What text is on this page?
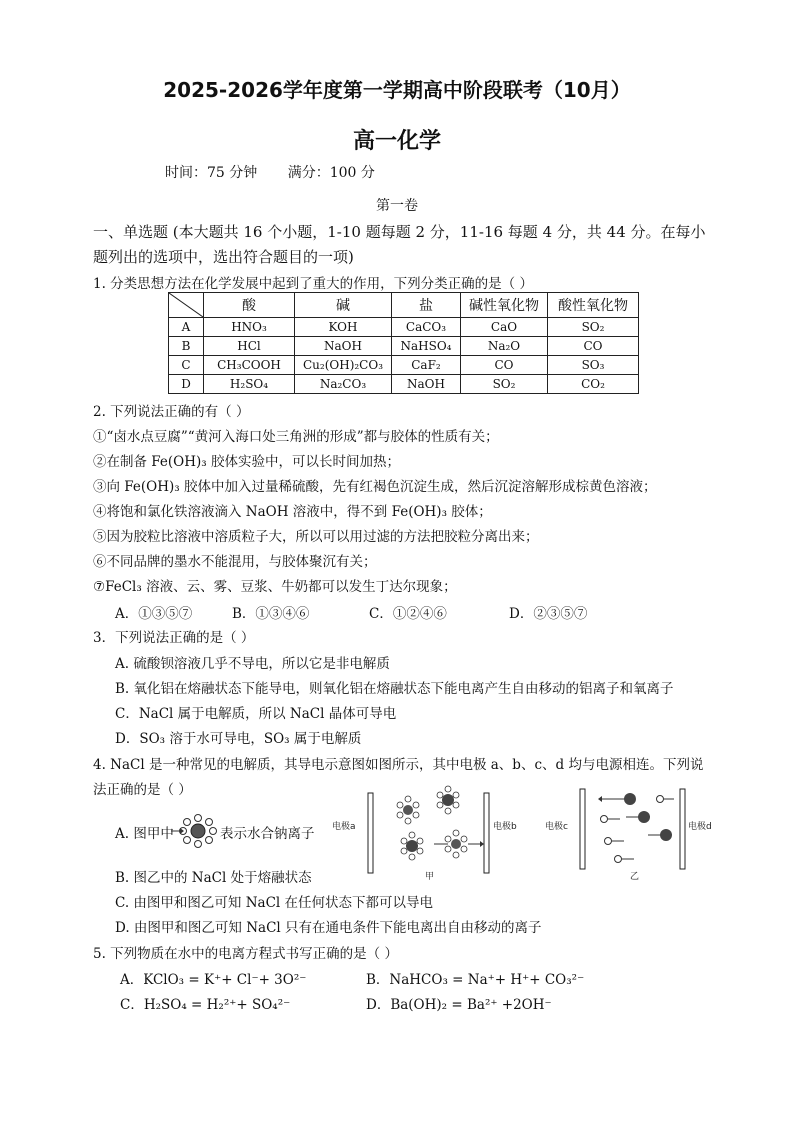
2025-2026学年度第一学期高中阶段联考（10月）
高一化学
时间：75 分钟 满分：100 分
第一卷
一、单选题 (本大题共 16 个小题，1-10 题每题 2 分，11-16 每题 4 分，共 44 分。在每小题列出的选项中，选出符合题目的一项)
1. 分类思想方法在化学发展中起到了重大的作用，下列分类正确的是（ ）
	酸	碱	盐	碱性氧化物	酸性氧化物
A	HNO₃	KOH	CaCO₃	CaO	SO₂
B	HCl	NaOH	NaHSO₄	Na₂O	CO
C	CH₃COOH	Cu₂(OH)₂CO₃	CaF₂	CO	SO₃
D	H₂SO₄	Na₂CO₃	NaOH	SO₂	CO₂
2. 下列说法正确的有（ ）
①“卤水点豆腐”“黄河入海口处三角洲的形成”都与胶体的性质有关；
②在制备 Fe(OH)₃ 胶体实验中，可以长时间加热；
③向 Fe(OH)₃ 胶体中加入过量稀硫酸，先有红褐色沉淀生成，然后沉淀溶解形成棕黄色溶液；
④将饱和氯化铁溶液滴入 NaOH 溶液中，得不到 Fe(OH)₃ 胶体；
⑤因为胶粒比溶液中溶质粒子大，所以可以用过滤的方法把胶粒分离出来；
⑥不同品牌的墨水不能混用，与胶体聚沉有关；
⑦FeCl₃ 溶液、云、雾、豆浆、牛奶都可以发生丁达尔现象；
A．①③⑤⑦	B．①③④⑥	C．①②④⑥	D．②③⑤⑦
3．下列说法正确的是（ ）
A. 硫酸钡溶液几乎不导电，所以它是非电解质
B. 氧化铝在熔融状态下能导电，则氧化铝在熔融状态下能电离产生自由移动的铝离子和氧离子
C．NaCl 属于电解质，所以 NaCl 晶体可导电
D．SO₃ 溶于水可导电，SO₃ 属于电解质
4. NaCl 是一种常见的电解质，其导电示意图如图所示，其中电极 a、b、c、d 均与电源相连。下列说
法正确的是（ ）
A. 图甲中	表示水合钠离子
B. 图乙中的 NaCl 处于熔融状态
C. 由图甲和图乙可知 NaCl 在任何状态下都可以导电
D. 由图甲和图乙可知 NaCl 只有在通电条件下能电离出自由移动的离子
电极a	电极b
甲
电极c	电极d
乙
5. 下列物质在水中的电离方程式书写正确的是（ ）
A．KClO₃ = K⁺+ Cl⁻+ 3O²⁻	B．NaHCO₃ = Na⁺+ H⁺+ CO₃²⁻
C．H₂SO₄ = H₂²⁺+ SO₄²⁻	D．Ba(OH)₂ = Ba²⁺ +2OH⁻
